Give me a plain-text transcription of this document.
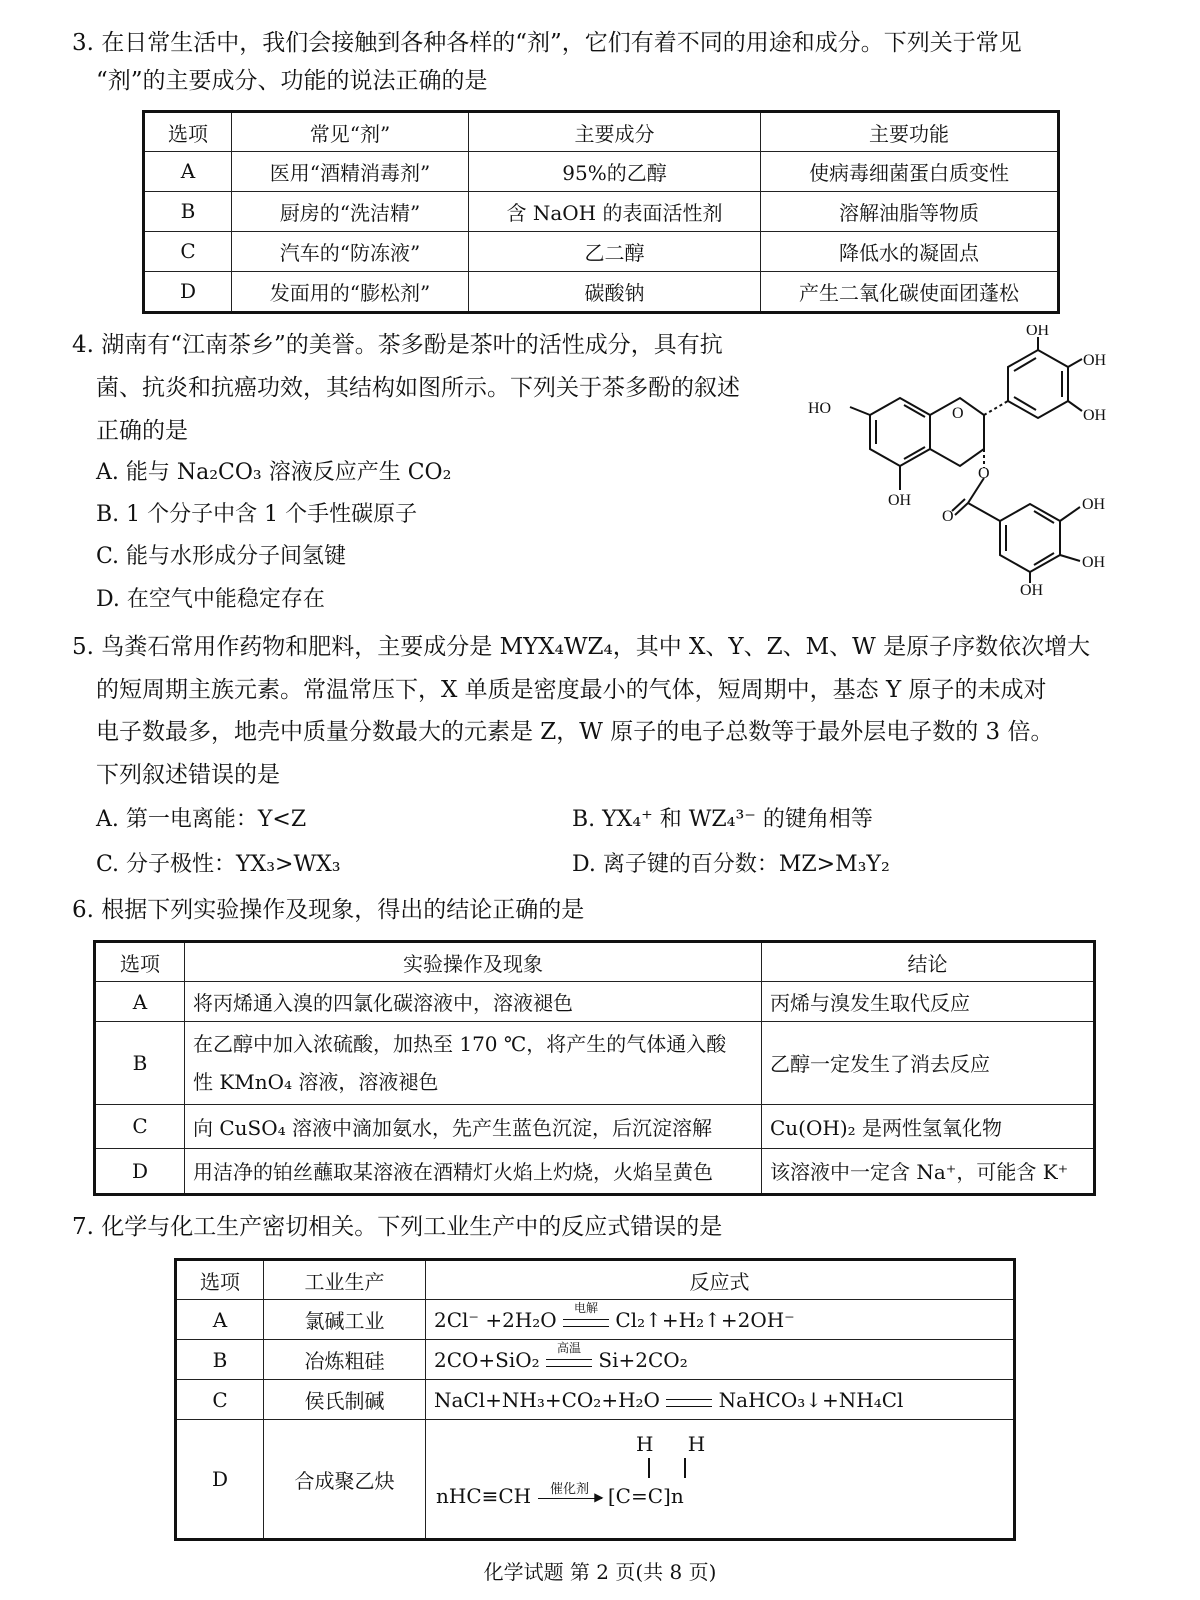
3. 在日常生活中，我们会接触到各种各样的“剂”，它们有着不同的用途和成分。下列关于常见
“剂”的主要成分、功能的说法正确的是
选项	常见“剂”	主要成分	主要功能
A	医用“酒精消毒剂”	95%的乙醇	使病毒细菌蛋白质变性
B	厨房的“洗洁精”	含 NaOH 的表面活性剂	溶解油脂等物质
C	汽车的“防冻液”	乙二醇	降低水的凝固点
D	发面用的“膨松剂”	碳酸钠	产生二氧化碳使面团蓬松
4. 湖南有“江南茶乡”的美誉。茶多酚是茶叶的活性成分，具有抗
菌、抗炎和抗癌功效，其结构如图所示。下列关于茶多酚的叙述
正确的是
A. 能与 Na₂CO₃ 溶液反应产生 CO₂
B. 1 个分子中含 1 个手性碳原子
C. 能与水形成分子间氢键
D. 在空气中能稳定存在
OH
OH
OH
HO	O
OH
O
O
OH
OH
OH
5. 鸟粪石常用作药物和肥料，主要成分是 MYX₄WZ₄，其中 X、Y、Z、M、W 是原子序数依次增大
的短周期主族元素。常温常压下，X 单质是密度最小的气体，短周期中，基态 Y 原子的未成对
电子数最多，地壳中质量分数最大的元素是 Z，W 原子的电子总数等于最外层电子数的 3 倍。
下列叙述错误的是
A. 第一电离能：Y<Z	B. YX₄⁺ 和 WZ₄³⁻ 的键角相等
C. 分子极性：YX₃>WX₃	D. 离子键的百分数：MZ>M₃Y₂
6. 根据下列实验操作及现象，得出的结论正确的是
选项	实验操作及现象	结论
A	将丙烯通入溴的四氯化碳溶液中，溶液褪色	丙烯与溴发生取代反应
B	在乙醇中加入浓硫酸，加热至 170 ℃，将产生的气体通入酸
性 KMnO₄ 溶液，溶液褪色	乙醇一定发生了消去反应
C	向 CuSO₄ 溶液中滴加氨水，先产生蓝色沉淀，后沉淀溶解	Cu(OH)₂ 是两性氢氧化物
D	用洁净的铂丝蘸取某溶液在酒精灯火焰上灼烧，火焰呈黄色	该溶液中一定含 Na⁺，可能含 K⁺
7. 化学与化工生产密切相关。下列工业生产中的反应式错误的是
选项	工业生产	反应式
A	氯碱工业	2Cl⁻ +2H₂O 电解 Cl₂↑+H₂↑+2OH⁻
B	冶炼粗硅	2CO+SiO₂ 高温 Si+2CO₂
C	侯氏制碱	NaCl+NH₃+CO₂+H₂O NaHCO₃↓+NH₄Cl
D	合成聚乙炔	H H
nHC≡CH 催化剂 ▶ [C=C]n
化学试题 第 2 页(共 8 页)
